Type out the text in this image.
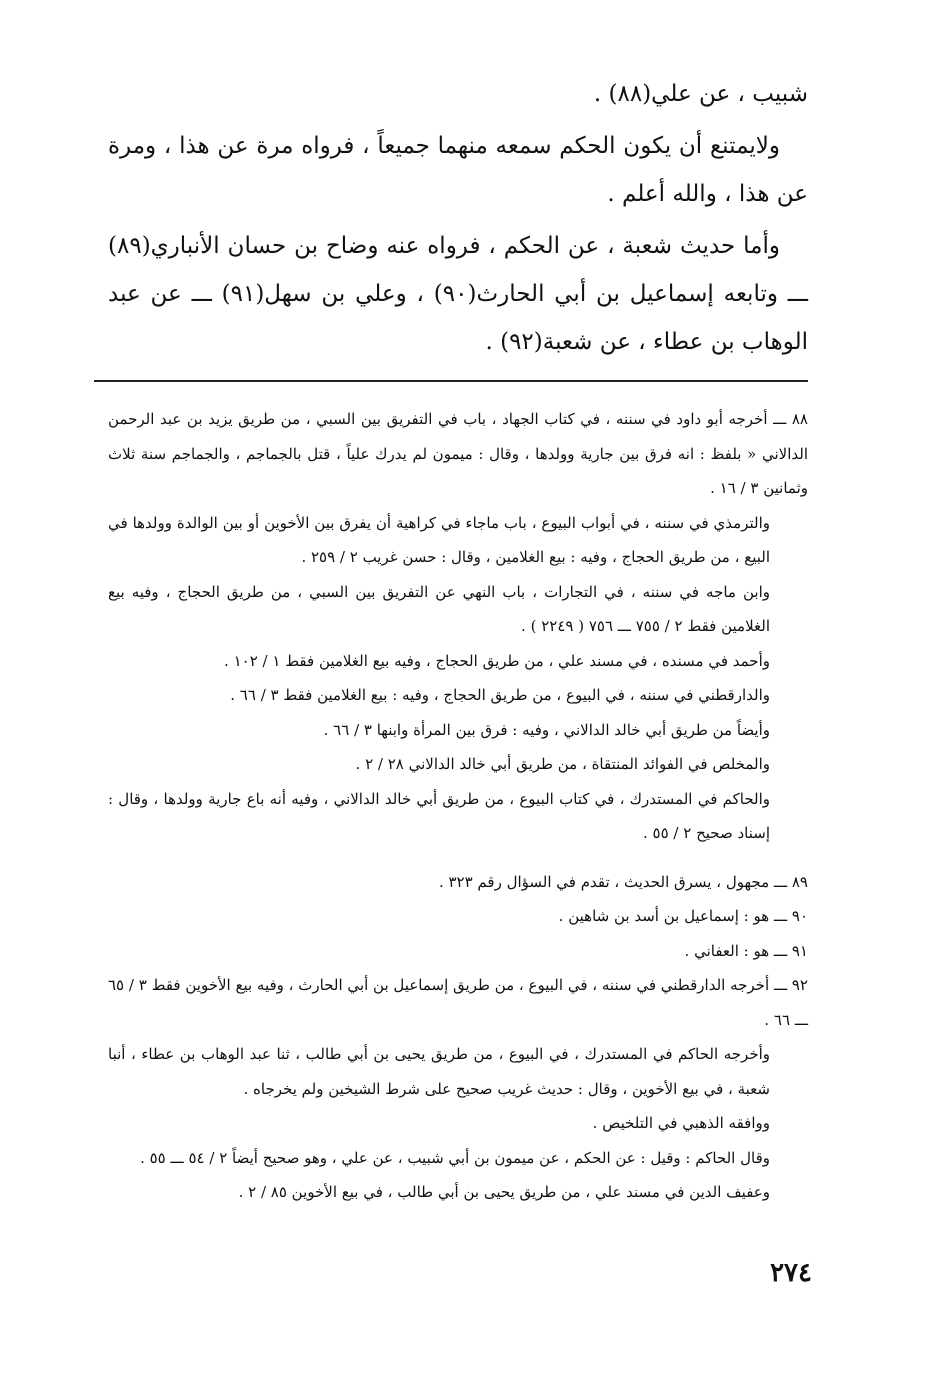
شبيب ، عن علي(٨٨) .

ولايمتنع أن يكون الحكم سمعه منهما جميعاً ، فرواه مرة عن هذا ، ومرة عن هذا ، والله أعلم .

وأما حديث شعبة ، عن الحكم ، فرواه عنه وضاح بن حسان الأنباري(٨٩) ـــ وتابعه إسماعيل بن أبي الحارث(٩٠) ، وعلي بن سهل(٩١) ـــ عن عبد الوهاب بن عطاء ، عن شعبة(٩٢) .

٨٨ ـــ أخرجه أبو داود في سننه ، في كتاب الجهاد ، باب في التفريق بين السبي ، من طريق يزيد بن عبد الرحمن الدالاني « بلفظ : انه فرق بين جارية وولدها ، وقال : ميمون لم يدرك علياً ، قتل بالجماجم ، والجماجم سنة ثلاث وثمانين ٣ / ١٦ .

والترمذي في سننه ، في أبواب البيوع ، باب ماجاء في كراهية أن يفرق بين الأخوين أو بين الوالدة وولدها في البيع ، من طريق الحجاج ، وفيه : بيع الغلامين ، وقال : حسن غريب ٢ / ٢٥٩ .

وابن ماجه في سننه ، في التجارات ، باب النهي عن التفريق بين السبي ، من طريق الحجاج ، وفيه بيع الغلامين فقط ٢ / ٧٥٥ ـــ ٧٥٦ ( ٢٢٤٩ ) .

وأحمد في مسنده ، في مسند علي ، من طريق الحجاج ، وفيه بيع الغلامين فقط ١ / ١٠٢ .

والدارقطني في سننه ، في البيوع ، من طريق الحجاج ، وفيه : بيع الغلامين فقط ٣ / ٦٦ .

وأيضاً من طريق أبي خالد الدالاني ، وفيه : فرق بين المرأة وابنها ٣ / ٦٦ .

والمخلص في الفوائد المنتقاة ، من طريق أبي خالد الدالاني ٢٨ / ٢ .

والحاكم في المستدرك ، في كتاب البيوع ، من طريق أبي خالد الدالاني ، وفيه أنه باع جارية وولدها ، وقال : إسناد صحيح ٢ / ٥٥ .

٨٩ ـــ مجهول ، يسرق الحديث ، تقدم في السؤال رقم ٣٢٣ .

٩٠ ـــ هو : إسماعيل بن أسد بن شاهين .

٩١ ـــ هو : العفاني .

٩٢ ـــ أخرجه الدارقطني في سننه ، في البيوع ، من طريق إسماعيل بن أبي الحارث ، وفيه بيع الأخوين فقط ٣ / ٦٥ ـــ ٦٦ .

وأخرجه الحاكم في المستدرك ، في البيوع ، من طريق يحيى بن أبي طالب ، ثنا عبد الوهاب بن عطاء ، أنبا شعبة ، في بيع الأخوين ، وقال : حديث غريب صحيح على شرط الشيخين ولم يخرجاه .

ووافقه الذهبي في التلخيص .

وقال الحاكم : وقيل : عن الحكم ، عن ميمون بن أبي شبيب ، عن علي ، وهو صحيح أيضاً ٢ / ٥٤ ـــ ٥٥ .

وعفيف الدين في مسند علي ، من طريق يحيى بن أبي طالب ، في بيع الأخوين ٨٥ / ٢ .

٢٧٤
